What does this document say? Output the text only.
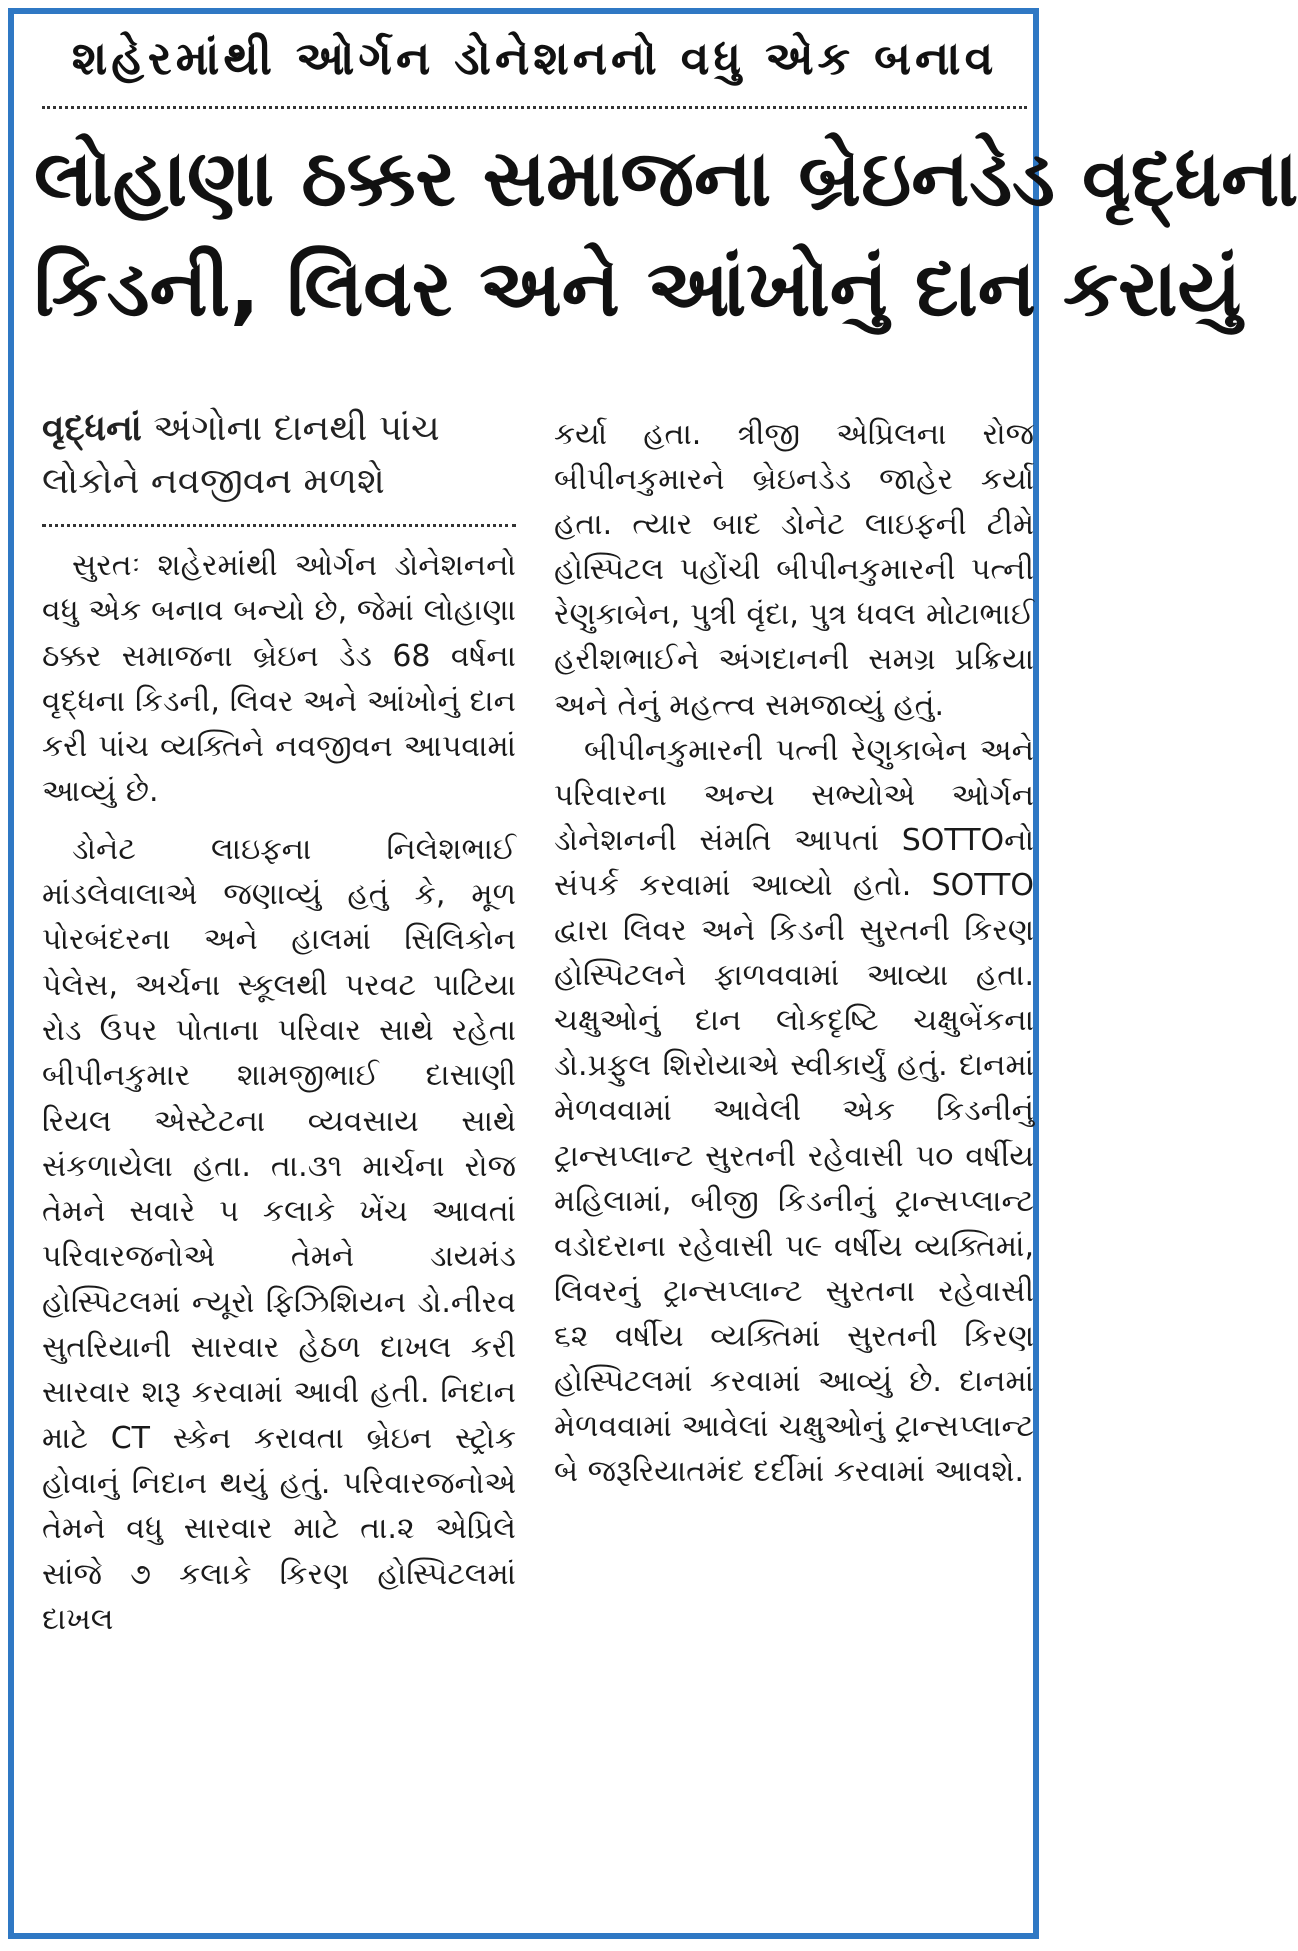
શહેરમાંથી ઓર્ગન ડોનેશનનો વધુ એક બનાવ
લોહાણા ઠક્કર સમાજના બ્રેઇનડેડ વૃદ્ધના
કિડની, લિવર અને આંખોનું દાન કરાયું

વૃદ્ધનાં અંગોના દાનથી પાંચ લોકોને નવજીવન મળશે

સુરતઃ શહેરમાંથી ઓર્ગન ડોનેશનનો વધુ એક બનાવ બન્યો છે, જેમાં લોહાણા ઠક્કર સમાજના બ્રેઇન ડેડ 68 વર્ષના વૃદ્ધના કિડની, લિવર અને આંખોનું દાન કરી પાંચ વ્યક્તિને નવજીવન આપવામાં આવ્યું છે.

ડોનેટ લાઇફના નિલેશભાઈ માંડલેવાલાએ જણાવ્યું હતું કે, મૂળ પોરબંદરના અને હાલમાં સિલિકોન પેલેસ, અર્ચના સ્કૂલથી પરવટ પાટિયા રોડ ઉપર પોતાના પરિવાર સાથે રહેતા બીપીનકુમાર શામજીભાઈ દાસાણી રિયલ એસ્ટેટના વ્યવસાય સાથે સંકળાયેલા હતા. તા.૩૧ માર્ચના રોજ તેમને સવારે ૫ કલાકે ખેંચ આવતાં પરિવારજનોએ તેમને ડાયમંડ હોસ્પિટલમાં ન્યૂરો ફિઝિશિયન ડો.નીરવ સુતરિયાની સારવાર હેઠળ દાખલ કરી સારવાર શરૂ કરવામાં આવી હતી. નિદાન માટે CT સ્કેન કરાવતા બ્રેઇન સ્ટ્રોક હોવાનું નિદાન થયું હતું. પરિવારજનોએ તેમને વધુ સારવાર માટે તા.૨ એપ્રિલે સાંજે ૭ કલાકે કિરણ હોસ્પિટલમાં દાખલ

કર્યા હતા. ત્રીજી એપ્રિલના રોજ બીપીનકુમારને બ્રેઇનડેડ જાહેર કર્યા હતા. ત્યાર બાદ ડોનેટ લાઇફની ટીમે હોસ્પિટલ પહોંચી બીપીનકુમારની પત્ની રેણુકાબેન, પુત્રી વૃંદા, પુત્ર ધવલ મોટાભાઈ હરીશભાઈને અંગદાનની સમગ્ર પ્રક્રિયા અને તેનું મહત્ત્વ સમજાવ્યું હતું.

બીપીનકુમારની પત્ની રેણુકાબેન અને પરિવારના અન્ય સભ્યોએ ઓર્ગન ડોનેશનની સંમતિ આપતાં SOTTOનો સંપર્ક કરવામાં આવ્યો હતો. SOTTO દ્વારા લિવર અને કિડની સુરતની કિરણ હોસ્પિટલને ફાળવવામાં આવ્યા હતા. ચક્ષુઓનું દાન લોકદૃષ્ટિ ચક્ષુબેંકના ડો.પ્રફુલ શિરોયાએ સ્વીકાર્યું હતું. દાનમાં મેળવવામાં આવેલી એક કિડનીનું ટ્રાન્સપ્લાન્ટ સુરતની રહેવાસી ૫૦ વર્ષીય મહિલામાં, બીજી કિડનીનું ટ્રાન્સપ્લાન્ટ વડોદરાના રહેવાસી ૫૯ વર્ષીય વ્યક્તિમાં, લિવરનું ટ્રાન્સપ્લાન્ટ સુરતના રહેવાસી ૬૨ વર્ષીય વ્યક્તિમાં સુરતની કિરણ હોસ્પિટલમાં કરવામાં આવ્યું છે. દાનમાં મેળવવામાં આવેલાં ચક્ષુઓનું ટ્રાન્સપ્લાન્ટ બે જરૂરિયાતમંદ દર્દીમાં કરવામાં આવશે.
